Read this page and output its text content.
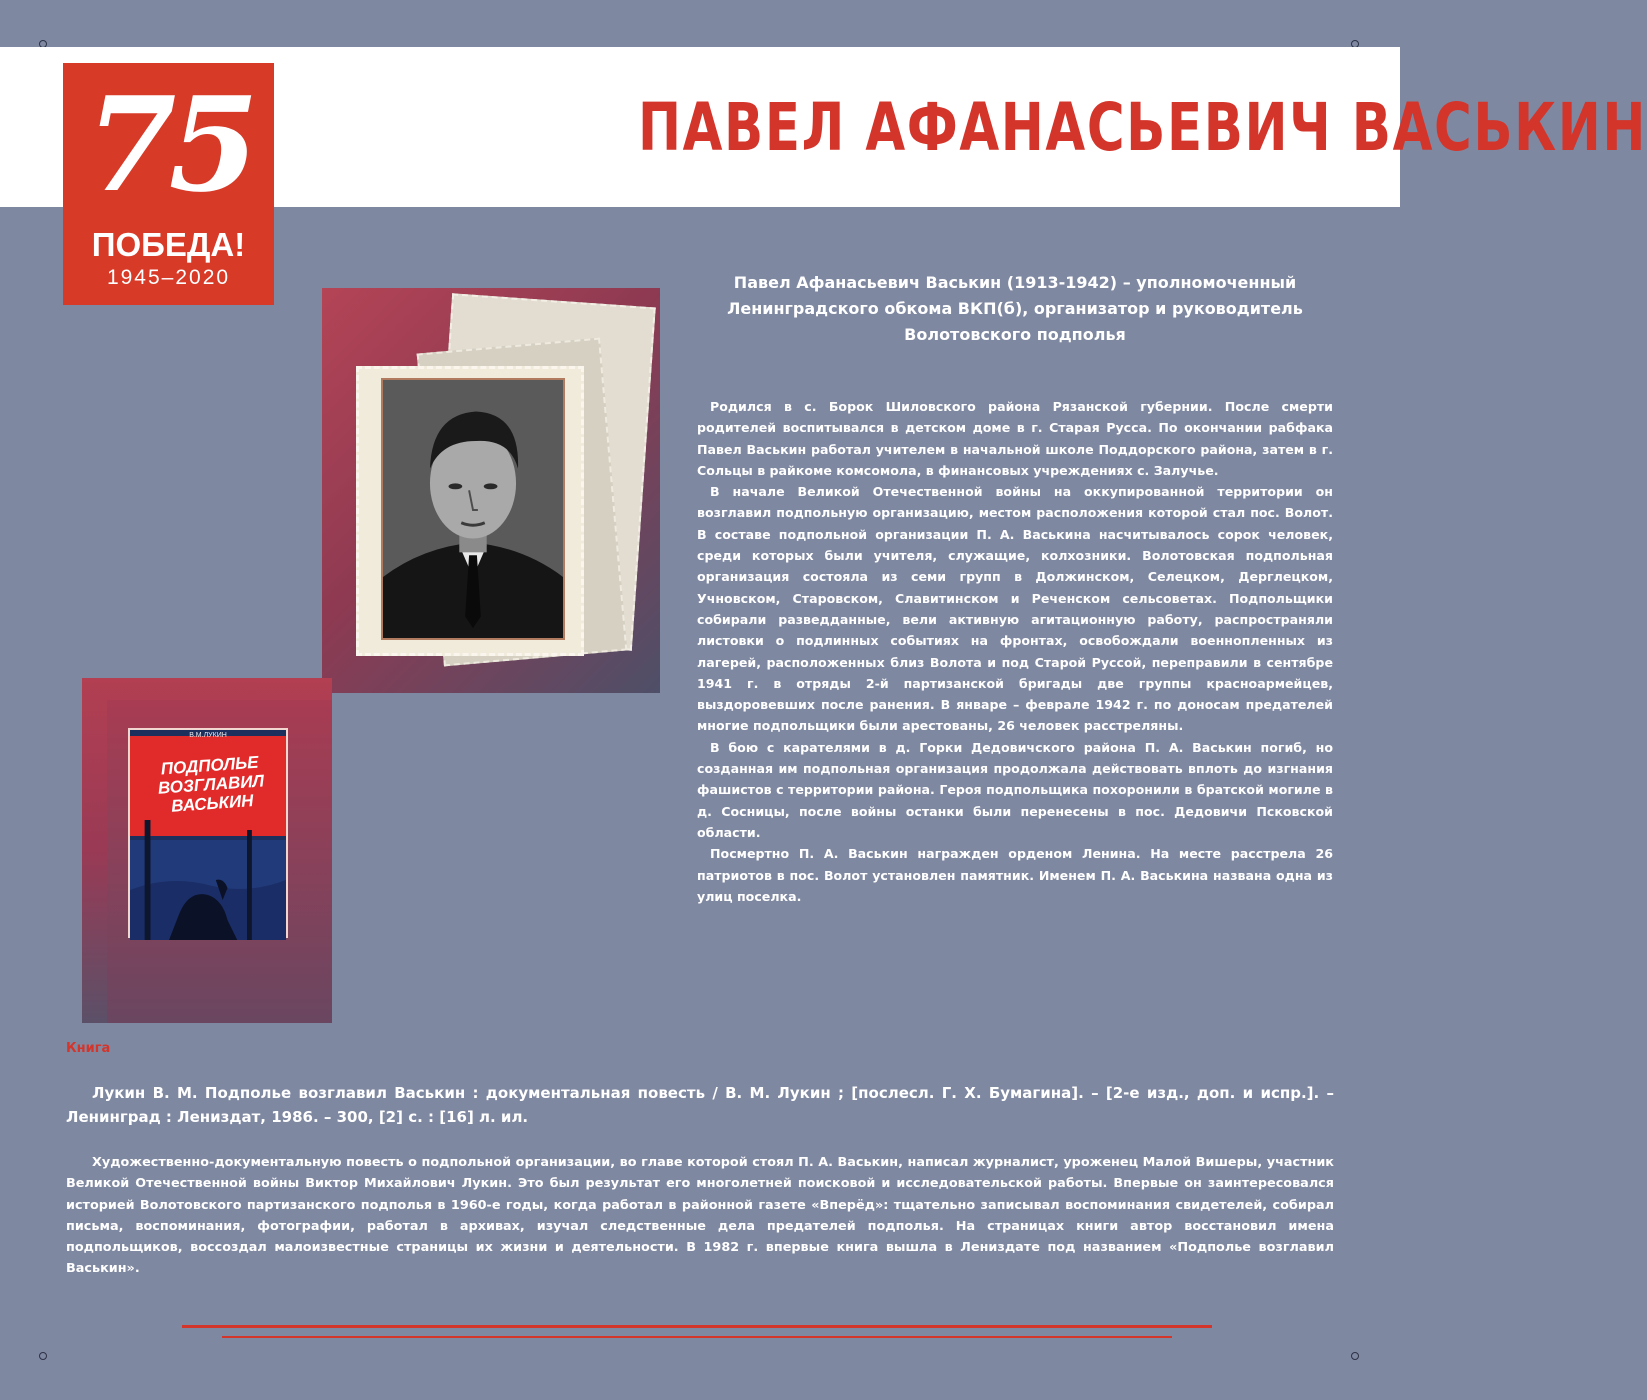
ПАВЕЛ АФАНАСЬЕВИЧ ВАСЬКИН
75
ПОБЕДА!
1945–2020
В.М.ЛУКИН
ПОДПОЛЬЕ
ВОЗГЛАВИЛ
ВАСЬКИН
Павел Афанасьевич Васькин (1913-1942) – уполномоченный Ленинградского обкома ВКП(б), организатор и руководитель Волотовского подполья

Родился в с. Борок Шиловского района Рязанской губернии. После смерти родителей воспитывался в детском доме в г. Старая Русса. По окончании рабфака Павел Васькин работал учителем в начальной школе Поддорского района, затем в г. Сольцы в райкоме комсомола, в финансовых учреждениях с. Залучье.

В начале Великой Отечественной войны на оккупированной территории он возглавил подпольную организацию, местом расположения которой стал пос. Волот. В составе подпольной организации П. А. Васькина насчитывалось сорок человек, среди которых были учителя, служащие, колхозники. Волотовская подпольная организация состояла из семи групп в Должинском, Селецком, Дерглецком, Учновском, Старовском, Славитинском и Реченском сельсоветах. Подпольщики собирали разведданные, вели активную агитационную работу, распространяли листовки о подлинных событиях на фронтах, освобождали военнопленных из лагерей, расположенных близ Волота и под Старой Руссой, переправили в сентябре 1941 г. в отряды 2-й партизанской бригады две группы красноармейцев, выздоровевших после ранения. В январе – феврале 1942 г. по доносам предателей многие подпольщики были арестованы, 26 человек расстреляны.

В бою с карателями в д. Горки Дедовичского района П. А. Васькин погиб, но созданная им подпольная организация продолжала действовать вплоть до изгнания фашистов с территории района. Героя подпольщика похоронили в братской могиле в д. Сосницы, после войны останки были перенесены в пос. Дедовичи Псковской области.

Посмертно П. А. Васькин награжден орденом Ленина. На месте расстрела 26 патриотов в пос. Волот установлен памятник. Именем П. А. Васькина названа одна из улиц поселка.

Книга

Лукин В. М. Подполье возглавил Васькин : документальная повесть / В. М. Лукин ; [послесл. Г. Х. Бумагина]. – [2-е изд., доп. и испр.]. – Ленинград : Лениздат, 1986. – 300, [2] с. : [16] л. ил.

Художественно-документальную повесть о подпольной организации, во главе которой стоял П. А. Васькин, написал журналист, уроженец Малой Вишеры, участник Великой Отечественной войны Виктор Михайлович Лукин. Это был результат его многолетней поисковой и исследовательской работы. Впервые он заинтересовался историей Волотовского партизанского подполья в 1960-е годы, когда работал в районной газете «Вперёд»: тщательно записывал воспоминания свидетелей, собирал письма, воспоминания, фотографии, работал в архивах, изучал следственные дела предателей подполья. На страницах книги автор восстановил имена подпольщиков, воссоздал малоизвестные страницы их жизни и деятельности. В 1982 г. впервые книга вышла в Лениздате под названием «Подполье возглавил Васькин».
